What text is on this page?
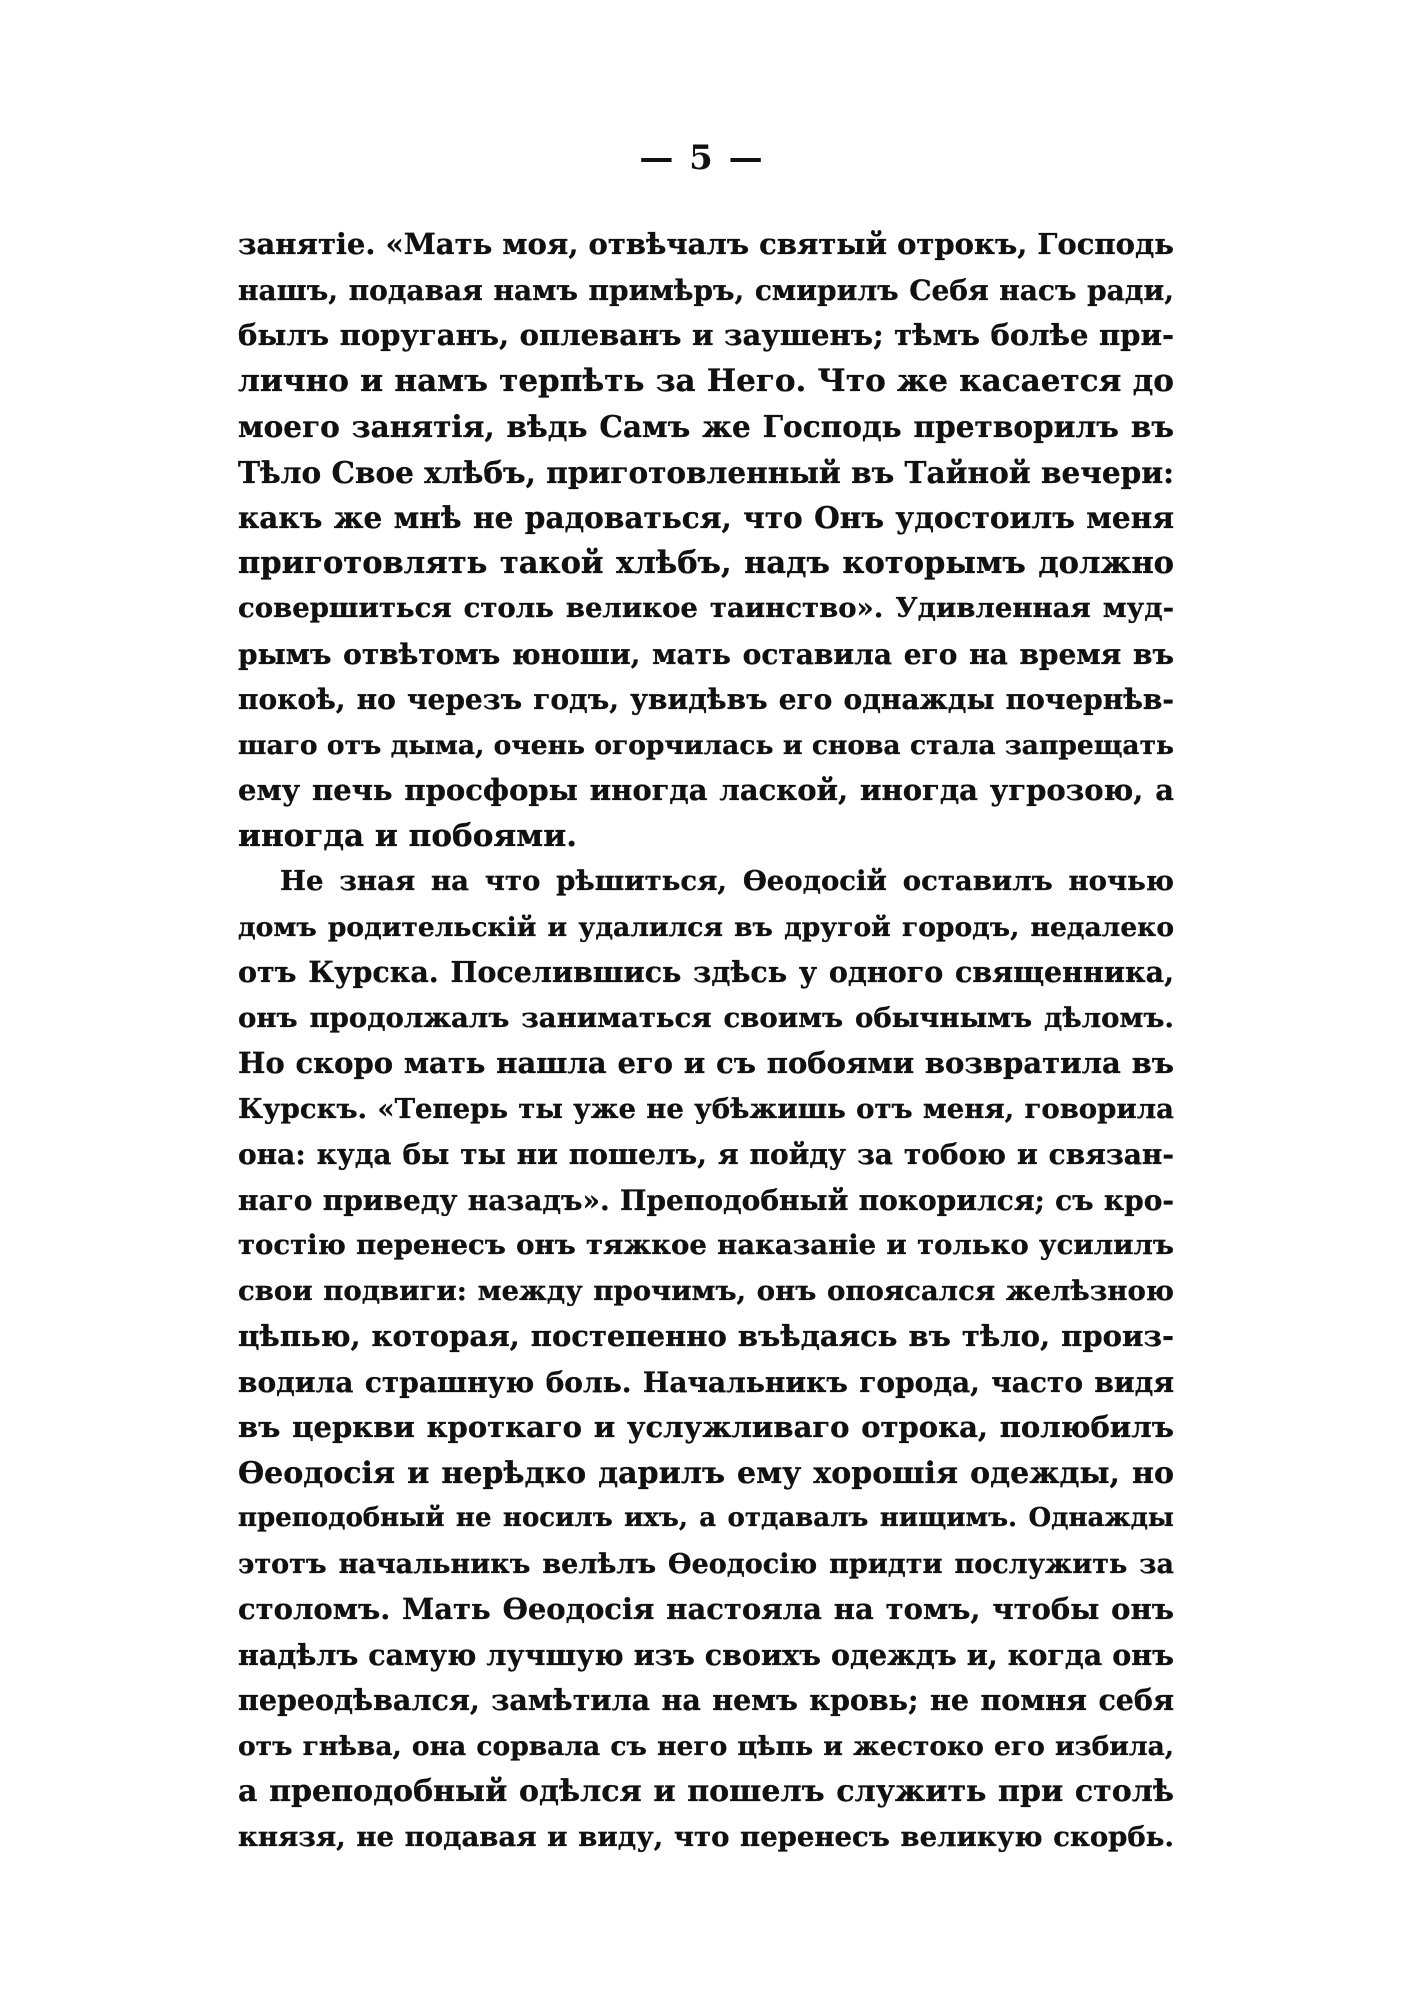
— 5 —
занятіе. «Мать моя, отвѣчалъ святый отрокъ, Господь
нашъ, подавая намъ примѣръ, смирилъ Себя насъ ради,
былъ поруганъ, оплеванъ и заушенъ; тѣмъ болѣе при-
лично и намъ терпѣть за Него. Что же касается до
моего занятія, вѣдь Самъ же Господь претворилъ въ
Тѣло Свое хлѣбъ, приготовленный въ Тайной вечери:
какъ же мнѣ не радоваться, что Онъ удостоилъ меня
приготовлять такой хлѣбъ, надъ которымъ должно
совершиться столь великое таинство». Удивленная муд-
рымъ отвѣтомъ юноши, мать оставила его на время въ
покоѣ, но черезъ годъ, увидѣвъ его однажды почернѣв-
шаго отъ дыма, очень огорчилась и снова стала запрещать
ему печь просфоры иногда лаской, иногда угрозою, а
иногда и побоями.
Не зная на что рѣшиться, Ѳеодосій оставилъ ночью
домъ родительскій и удалился въ другой городъ, недалеко
отъ Курска. Поселившись здѣсь у одного священника,
онъ продолжалъ заниматься своимъ обычнымъ дѣломъ.
Но скоро мать нашла его и съ побоями возвратила въ
Курскъ. «Теперь ты уже не убѣжишь отъ меня, говорила
она: куда бы ты ни пошелъ, я пойду за тобою и связан-
наго приведу назадъ». Преподобный покорился; съ кро-
тостію перенесъ онъ тяжкое наказаніе и только усилилъ
свои подвиги: между прочимъ, онъ опоясался желѣзною
цѣпью, которая, постепенно въѣдаясь въ тѣло, произ-
водила страшную боль. Начальникъ города, часто видя
въ церкви кроткаго и услужливаго отрока, полюбилъ
Ѳеодосія и нерѣдко дарилъ ему хорошія одежды, но
преподобный не носилъ ихъ, а отдавалъ нищимъ. Однажды
этотъ начальникъ велѣлъ Ѳеодосію придти послужить за
столомъ. Мать Ѳеодосія настояла на томъ, чтобы онъ
надѣлъ самую лучшую изъ своихъ одеждъ и, когда онъ
переодѣвался, замѣтила на немъ кровь; не помня себя
отъ гнѣва, она сорвала съ него цѣпь и жестоко его избила,
а преподобный одѣлся и пошелъ служить при столѣ
князя, не подавая и виду, что перенесъ великую скорбь.
